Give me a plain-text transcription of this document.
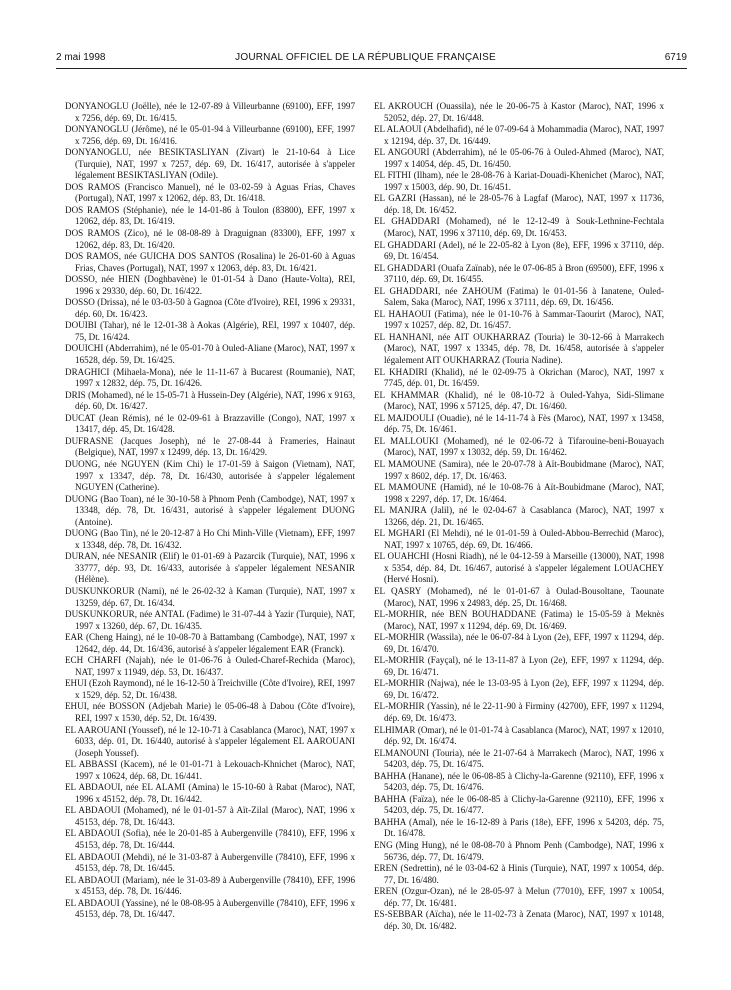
2 mai 1998	JOURNAL OFFICIEL DE LA RÉPUBLIQUE FRANÇAISE	6719

DONYANOGLU (Joëlle), née le 12-07-89 à Villeurbanne (69100), EFF, 1997 x 7256, dép. 69, Dt. 16/415.

DONYANOGLU (Jérôme), né le 05-01-94 à Villeurbanne (69100), EFF, 1997 x 7256, dép. 69, Dt. 16/416.

DONYANOGLU, née BESIKTASLIYAN (Zivart) le 21-10-64 à Lice (Turquie), NAT, 1997 x 7257, dép. 69, Dt. 16/417, autorisée à s'appeler légalement BESIKTASLIYAN (Odile).

DOS RAMOS (Francisco Manuel), né le 03-02-59 à Aguas Frias, Chaves (Portugal), NAT, 1997 x 12062, dép. 83, Dt. 16/418.

DOS RAMOS (Stéphanie), née le 14-01-86 à Toulon (83800), EFF, 1997 x 12062, dép. 83, Dt. 16/419.

DOS RAMOS (Zico), né le 08-08-89 à Draguignan (83300), EFF, 1997 x 12062, dép. 83, Dt. 16/420.

DOS RAMOS, née GUICHA DOS SANTOS (Rosalina) le 26-01-60 à Aguas Frias, Chaves (Portugal), NAT, 1997 x 12063, dép. 83, Dt. 16/421.

DOSSO, née HIEN (Doghbavène) le 01-01-54 à Dano (Haute-Volta), REI, 1996 x 29330, dép. 60, Dt. 16/422.

DOSSO (Drissa), né le 03-03-50 à Gagnoa (Côte d'Ivoire), REI, 1996 x 29331, dép. 60, Dt. 16/423.

DOUIBI (Tahar), né le 12-01-38 à Aokas (Algérie), REI, 1997 x 10407, dép. 75, Dt. 16/424.

DOUICHI (Abderrahim), né le 05-01-70 à Ouled-Aliane (Maroc), NAT, 1997 x 16528, dép. 59, Dt. 16/425.

DRAGHICI (Mihaela-Mona), née le 11-11-67 à Bucarest (Roumanie), NAT, 1997 x 12832, dép. 75, Dt. 16/426.

DRIS (Mohamed), né le 15-05-71 à Hussein-Dey (Algérie), NAT, 1996 x 9163, dép. 60, Dt. 16/427.

DUCAT (Jean Rémis), né le 02-09-61 à Brazzaville (Congo), NAT, 1997 x 13417, dép. 45, Dt. 16/428.

DUFRASNE (Jacques Joseph), né le 27-08-44 à Frameries, Hainaut (Belgique), NAT, 1997 x 12499, dép. 13, Dt. 16/429.

DUONG, née NGUYEN (Kim Chi) le 17-01-59 à Saigon (Vietnam), NAT, 1997 x 13347, dép. 78, Dt. 16/430, autorisée à s'appeler légalement NGUYEN (Catherine).

DUONG (Bao Toan), né le 30-10-58 à Phnom Penh (Cambodge), NAT, 1997 x 13348, dép. 78, Dt. 16/431, autorisé à s'appeler légalement DUONG (Antoine).

DUONG (Bao Tin), né le 20-12-87 à Ho Chi Minh-Ville (Vietnam), EFF, 1997 x 13348, dép. 78, Dt. 16/432.

DURAN, née NESANIR (Elif) le 01-01-69 à Pazarcik (Turquie), NAT, 1996 x 33777, dép. 93, Dt. 16/433, autorisée à s'appeler légalement NESANIR (Hélène).

DUSKUNKORUR (Nami), né le 26-02-32 à Kaman (Turquie), NAT, 1997 x 13259, dép. 67, Dt. 16/434.

DUSKUNKORUR, née ANTAL (Fadime) le 31-07-44 à Yazir (Turquie), NAT, 1997 x 13260, dép. 67, Dt. 16/435.

EAR (Cheng Haing), né le 10-08-70 à Battambang (Cambodge), NAT, 1997 x 12642, dép. 44, Dt. 16/436, autorisé à s'appeler légalement EAR (Franck).

ECH CHARFI (Najah), née le 01-06-76 à Ouled-Charef-Rechida (Maroc), NAT, 1997 x 11949, dép. 53, Dt. 16/437.

EHUI (Ezoh Raymond), né le 16-12-50 à Treichville (Côte d'Ivoire), REI, 1997 x 1529, dép. 52, Dt. 16/438.

EHUI, née BOSSON (Adjebah Marie) le 05-06-48 à Dabou (Côte d'Ivoire), REI, 1997 x 1530, dép. 52, Dt. 16/439.

EL AAROUANI (Youssef), né le 12-10-71 à Casablanca (Maroc), NAT, 1997 x 6033, dép. 01, Dt. 16/440, autorisé à s'appeler légalement EL AAROUANI (Joseph Youssef).

EL ABBASSI (Kacem), né le 01-01-71 à Lekouach-Khnichet (Maroc), NAT, 1997 x 10624, dép. 68, Dt. 16/441.

EL ABDAOUI, née EL ALAMI (Amina) le 15-10-60 à Rabat (Maroc), NAT, 1996 x 45152, dép. 78, Dt. 16/442.

EL ABDAOUI (Mohamed), né le 01-01-57 à Aït-Zilal (Maroc), NAT, 1996 x 45153, dép. 78, Dt. 16/443.

EL ABDAOUI (Sofia), née le 20-01-85 à Aubergenville (78410), EFF, 1996 x 45153, dép. 78, Dt. 16/444.

EL ABDAOUI (Mehdi), né le 31-03-87 à Aubergenville (78410), EFF, 1996 x 45153, dép. 78, Dt. 16/445.

EL ABDAOUI (Mariam), née le 31-03-89 à Aubergenville (78410), EFF, 1996 x 45153, dép. 78, Dt. 16/446.

EL ABDAOUI (Yassine), né le 08-08-95 à Aubergenville (78410), EFF, 1996 x 45153, dép. 78, Dt. 16/447.

EL AKROUCH (Ouassila), née le 20-06-75 à Kastor (Maroc), NAT, 1996 x 52052, dép. 27, Dt. 16/448.

EL ALAOUI (Abdelhafid), né le 07-09-64 à Mohammadia (Maroc), NAT, 1997 x 12194, dép. 37, Dt. 16/449.

EL ANGOURI (Abderrahim), né le 05-06-76 à Ouled-Ahmed (Maroc), NAT, 1997 x 14054, dép. 45, Dt. 16/450.

EL FITHI (Ilham), née le 28-08-76 à Kariat-Douadi-Khenichet (Maroc), NAT, 1997 x 15003, dép. 90, Dt. 16/451.

EL GAZRI (Hassan), né le 28-05-76 à Lagfaf (Maroc), NAT, 1997 x 11736, dép. 18, Dt. 16/452.

EL GHADDARI (Mohamed), né le 12-12-49 à Souk-Lethnine-Fechtala (Maroc), NAT, 1996 x 37110, dép. 69, Dt. 16/453.

EL GHADDARI (Adel), né le 22-05-82 à Lyon (8e), EFF, 1996 x 37110, dép. 69, Dt. 16/454.

EL GHADDARI (Ouafa Zaïnab), née le 07-06-85 à Bron (69500), EFF, 1996 x 37110, dép. 69, Dt. 16/455.

EL GHADDARI, née ZAHOUM (Fatima) le 01-01-56 à Ianatene, Ouled-Salem, Saka (Maroc), NAT, 1996 x 37111, dép. 69, Dt. 16/456.

EL HAHAOUI (Fatima), née le 01-10-76 à Sammar-Taourirt (Maroc), NAT, 1997 x 10257, dép. 82, Dt. 16/457.

EL HANHANI, née AIT OUKHARRAZ (Touria) le 30-12-66 à Marrakech (Maroc), NAT, 1997 x 13345, dép. 78, Dt. 16/458, autorisée à s'appeler légalement AIT OUKHARRAZ (Touria Nadine).

EL KHADIRI (Khalid), né le 02-09-75 à Okrichan (Maroc), NAT, 1997 x 7745, dép. 01, Dt. 16/459.

EL KHAMMAR (Khalid), né le 08-10-72 à Ouled-Yahya, Sidi-Slimane (Maroc), NAT, 1996 x 57125, dép. 47, Dt. 16/460.

EL MAJDOULI (Ouadie), né le 14-11-74 à Fès (Maroc), NAT, 1997 x 13458, dép. 75, Dt. 16/461.

EL MALLOUKI (Mohamed), né le 02-06-72 à Tifarouine-beni-Bouayach (Maroc), NAT, 1997 x 13032, dép. 59, Dt. 16/462.

EL MAMOUNE (Samira), née le 20-07-78 à Aït-Boubidmane (Maroc), NAT, 1997 x 8602, dép. 17, Dt. 16/463.

EL MAMOUNE (Hamid), né le 10-08-76 à Aït-Boubidmane (Maroc), NAT, 1998 x 2297, dép. 17, Dt. 16/464.

EL MANJRA (Jalil), né le 02-04-67 à Casablanca (Maroc), NAT, 1997 x 13266, dép. 21, Dt. 16/465.

EL MGHARI (El Mehdi), né le 01-01-59 à Ouled-Abbou-Berrechid (Maroc), NAT, 1997 x 10765, dép. 69, Dt. 16/466.

EL OUAHCHI (Hosni Riadh), né le 04-12-59 à Marseille (13000), NAT, 1998 x 5354, dép. 84, Dt. 16/467, autorisé à s'appeler légalement LOUACHEY (Hervé Hosni).

EL QASRY (Mohamed), né le 01-01-67 à Oulad-Bousoltane, Taounate (Maroc), NAT, 1996 x 24983, dép. 25, Dt. 16/468.

EL-MORHIR, née BEN BOUHADDANE (Fatima) le 15-05-59 à Meknès (Maroc), NAT, 1997 x 11294, dép. 69, Dt. 16/469.

EL-MORHIR (Wassila), née le 06-07-84 à Lyon (2e), EFF, 1997 x 11294, dép. 69, Dt. 16/470.

EL-MORHIR (Fayçal), né le 13-11-87 à Lyon (2e), EFF, 1997 x 11294, dép. 69, Dt. 16/471.

EL-MORHIR (Najwa), née le 13-03-95 à Lyon (2e), EFF, 1997 x 11294, dép. 69, Dt. 16/472.

EL-MORHIR (Yassin), né le 22-11-90 à Firminy (42700), EFF, 1997 x 11294, dép. 69, Dt. 16/473.

ELHIMAR (Omar), né le 01-01-74 à Casablanca (Maroc), NAT, 1997 x 12010, dép. 92, Dt. 16/474.

ELMANOUNI (Touria), née le 21-07-64 à Marrakech (Maroc), NAT, 1996 x 54203, dép. 75, Dt. 16/475.

BAHHA (Hanane), née le 06-08-85 à Clichy-la-Garenne (92110), EFF, 1996 x 54203, dép. 75, Dt. 16/476.

BAHHA (Faïza), née le 06-08-85 à Clichy-la-Garenne (92110), EFF, 1996 x 54203, dép. 75, Dt. 16/477.

BAHHA (Amal), née le 16-12-89 à Paris (18e), EFF, 1996 x 54203, dép. 75, Dt. 16/478.

ENG (Ming Hung), né le 08-08-70 à Phnom Penh (Cambodge), NAT, 1996 x 56736, dép. 77, Dt. 16/479.

EREN (Sedrettin), né le 03-04-62 à Hinis (Turquie), NAT, 1997 x 10054, dép. 77, Dt. 16/480.

EREN (Ozgur-Ozan), né le 28-05-97 à Melun (77010), EFF, 1997 x 10054, dép. 77, Dt. 16/481.

ES-SEBBAR (Aïcha), née le 11-02-73 à Zenata (Maroc), NAT, 1997 x 10148, dép. 30, Dt. 16/482.
